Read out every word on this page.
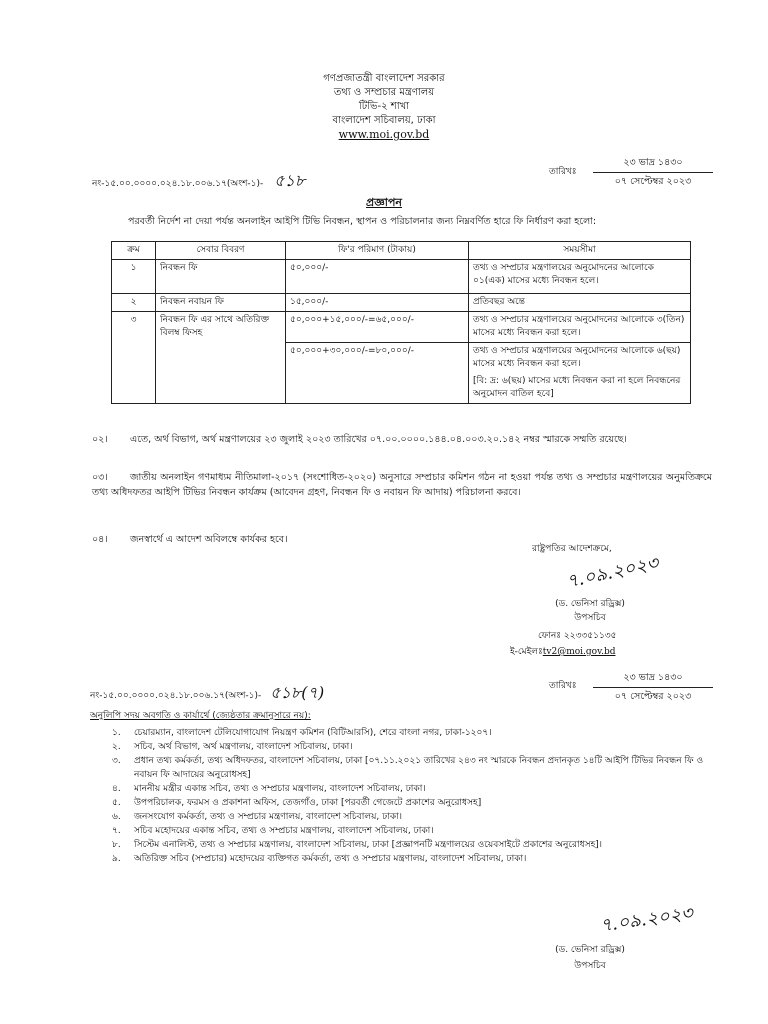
গণপ্রজাতন্ত্রী বাংলাদেশ সরকার
তথ্য ও সম্প্রচার মন্ত্রণালয়
টিভি-২ শাখা
বাংলাদেশ সচিবালয়, ঢাকা
www.moi.gov.bd
নং-১৫.০০.০০০০.০২৪.১৮.০০৬.১৭(অংশ-১)- ৫১৮	তারিখঃ
২৩ ভাদ্র ১৪৩০
০৭ সেপ্টেম্বর ২০২৩
প্রজ্ঞাপন
পরবর্তী নির্দেশ না দেয়া পর্যন্ত অনলাইন আইপি টিভি নিবন্ধন, স্থাপন ও পরিচালনার জন্য নিম্নবর্ণিত হারে ফি নির্ধারণ করা হলো:
ক্রম	সেবার বিবরণ	ফি'র পরিমাণ (টাকায়)	সময়সীমা
১	নিবন্ধন ফি	৫০,০০০/-	তথ্য ও সম্প্রচার মন্ত্রণালয়ের অনুমোদনের আলোকে ০১(এক) মাসের মধ্যে নিবন্ধন হলে।
২	নিবন্ধন নবায়ন ফি	১৫,০০০/-	প্রতিবছর অন্তে
৩	নিবন্ধন ফি এর সাথে অতিরিক্ত বিলম্ব ফিসহ	৫০,০০০+১৫,০০০/-=৬৫,০০০/-	তথ্য ও সম্প্রচার মন্ত্রণালয়ের অনুমোদনের আলোকে ৩(তিন) মাসের মধ্যে নিবন্ধন করা হলে।
		৫০,০০০+৩০,০০০/-=৮০,০০০/-	তথ্য ও সম্প্রচার মন্ত্রণালয়ের অনুমোদনের আলোকে ৬(ছয়) মাসের মধ্যে নিবন্ধন করা হলে।
[বি: দ্র: ৬(ছয়) মাসের মধ্যে নিবন্ধন করা না হলে নিবন্ধনের অনুমোদন বাতিল হবে]
০২। এতে, অর্থ বিভাগ, অর্থ মন্ত্রণালয়ের ২৩ জুলাই ২০২৩ তারিখের ০৭.০০.০০০০.১৪৪.০৪.০০৩.২০.১৪২ নম্বর স্মারকে সম্মতি রয়েছে।
০৩। জাতীয় অনলাইন গণমাধ্যম নীতিমালা-২০১৭ (সংশোধিত-২০২০) অনুসারে সম্প্রচার কমিশন গঠন না হওয়া পর্যন্ত তথ্য ও সম্প্রচার মন্ত্রণালয়ের অনুমতিক্রমে তথ্য অধিদফতর আইপি টিভির নিবন্ধন কার্যক্রম (আবেদন গ্রহণ, নিবন্ধন ফি ও নবায়ন ফি আদায়) পরিচালনা করবে।
০৪। জনস্বার্থে এ আদেশ অবিলম্বে কার্যকর হবে।
রাষ্ট্রপতির আদেশক্রমে,
৭.০৯.২০২৩
(ড. ভেনিসা রড্রিক্স)
উপসচিব
ফোনঃ ২২৩৩৫১১৩৫
ই-মেইলঃtv2@moi.gov.bd
নং-১৫.০০.০০০০.০২৪.১৮.০০৬.১৭(অংশ-১)- ৫১৮(৭)	তারিখঃ
২৩ ভাদ্র ১৪৩০
০৭ সেপ্টেম্বর ২০২৩
অনুলিপি সদয় অবগতি ও কার্যার্থে (জ্যেষ্ঠতার ক্রমানুসারে নয়):
১. চেয়ারম্যান, বাংলাদেশ টেলিযোগাযোগ নিয়ন্ত্রণ কমিশন (বিটিআরসি), শেরে বাংলা নগর, ঢাকা-১২০৭।
২. সচিব, অর্থ বিভাগ, অর্থ মন্ত্রণালয়, বাংলাদেশ সচিবালয়, ঢাকা।
৩. প্রধান তথ্য কর্মকর্তা, তথ্য অধিদফতর, বাংলাদেশ সচিবালয়, ঢাকা [০৭.১১.২০২১ তারিখের ২৪৩ নং স্মারকে নিবন্ধন প্রদানকৃত ১৪টি আইপি টিভির নিবন্ধন ফি ও নবায়ন ফি আদায়ের অনুরোধসহ]
৪. মাননীয় মন্ত্রীর একান্ত সচিব, তথ্য ও সম্প্রচার মন্ত্রণালয়, বাংলাদেশ সচিবালয়, ঢাকা।
৫. উপপরিচালক, ফরমস ও প্রকাশনা অফিস, তেজগাঁও, ঢাকা [পরবর্তী গেজেটে প্রকাশের অনুরোধসহ]
৬. জনসংযোগ কর্মকর্তা, তথ্য ও সম্প্রচার মন্ত্রণালয়, বাংলাদেশ সচিবালয়, ঢাকা।
৭. সচিব মহোদয়ের একান্ত সচিব, তথ্য ও সম্প্রচার মন্ত্রণালয়, বাংলাদেশ সচিবালয়, ঢাকা।
৮. সিস্টেম এনালিস্ট, তথ্য ও সম্প্রচার মন্ত্রণালয়, বাংলাদেশ সচিবালয়, ঢাকা [প্রজ্ঞাপনটি মন্ত্রণালয়ের ওয়েবসাইটে প্রকাশের অনুরোধসহ]।
৯. অতিরিক্ত সচিব (সম্প্রচার) মহোদয়ের ব্যক্তিগত কর্মকর্তা, তথ্য ও সম্প্রচার মন্ত্রণালয়, বাংলাদেশ সচিবালয়, ঢাকা।
৭.০৯.২০২৩
(ড. ভেনিসা রড্রিক্স)
উপসচিব
